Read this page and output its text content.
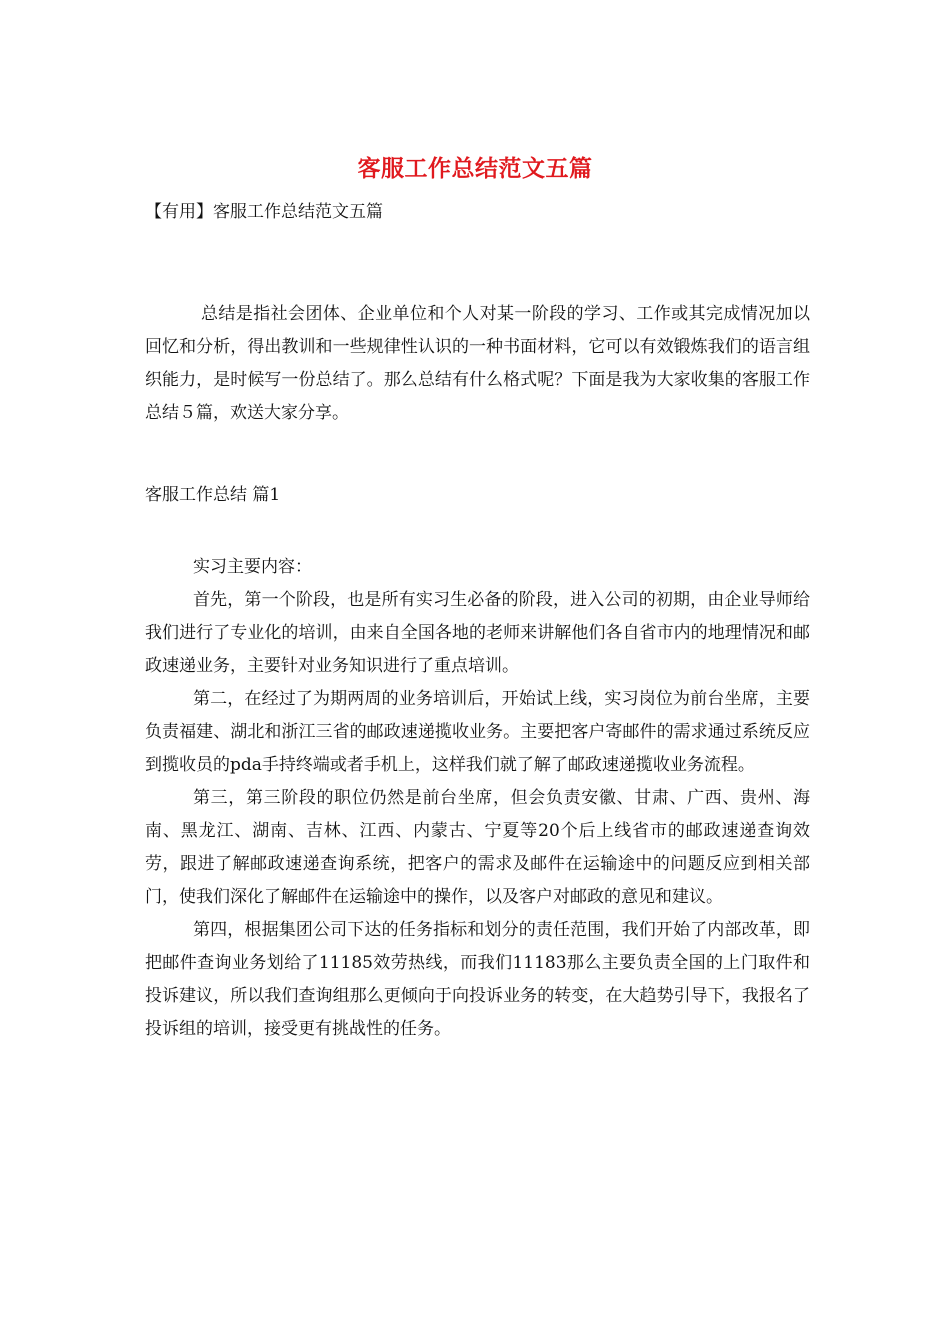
客服工作总结范文五篇
【有用】客服工作总结范文五篇
总结是指社会团体、企业单位和个人对某一阶段的学习、工作或其完成情况加以回忆和分析，得出教训和一些规律性认识的一种书面材料，它可以有效锻炼我们的语言组织能力，是时候写一份总结了。那么总结有什么格式呢？下面是我为大家收集的客服工作总结５篇，欢送大家分享。
客服工作总结 篇1

实习主要内容：

首先，第一个阶段，也是所有实习生必备的阶段，进入公司的初期，由企业导师给我们进行了专业化的培训，由来自全国各地的老师来讲解他们各自省市内的地理情况和邮政速递业务，主要针对业务知识进行了重点培训。

第二，在经过了为期两周的业务培训后，开始试上线，实习岗位为前台坐席，主要负责福建、湖北和浙江三省的邮政速递揽收业务。主要把客户寄邮件的需求通过系统反应到揽收员的pda手持终端或者手机上，这样我们就了解了邮政速递揽收业务流程。

第三，第三阶段的职位仍然是前台坐席，但会负责安徽、甘肃、广西、贵州、海南、黑龙江、湖南、吉林、江西、内蒙古、宁夏等20个后上线省市的邮政速递查询效劳，跟进了解邮政速递查询系统，把客户的需求及邮件在运输途中的问题反应到相关部门，使我们深化了解邮件在运输途中的操作，以及客户对邮政的意见和建议。

第四，根据集团公司下达的任务指标和划分的责任范围，我们开始了内部改革，即把邮件查询业务划给了11185效劳热线，而我们11183那么主要负责全国的上门取件和投诉建议，所以我们查询组那么更倾向于向投诉业务的转变，在大趋势引导下，我报名了投诉组的培训，接受更有挑战性的任务。
